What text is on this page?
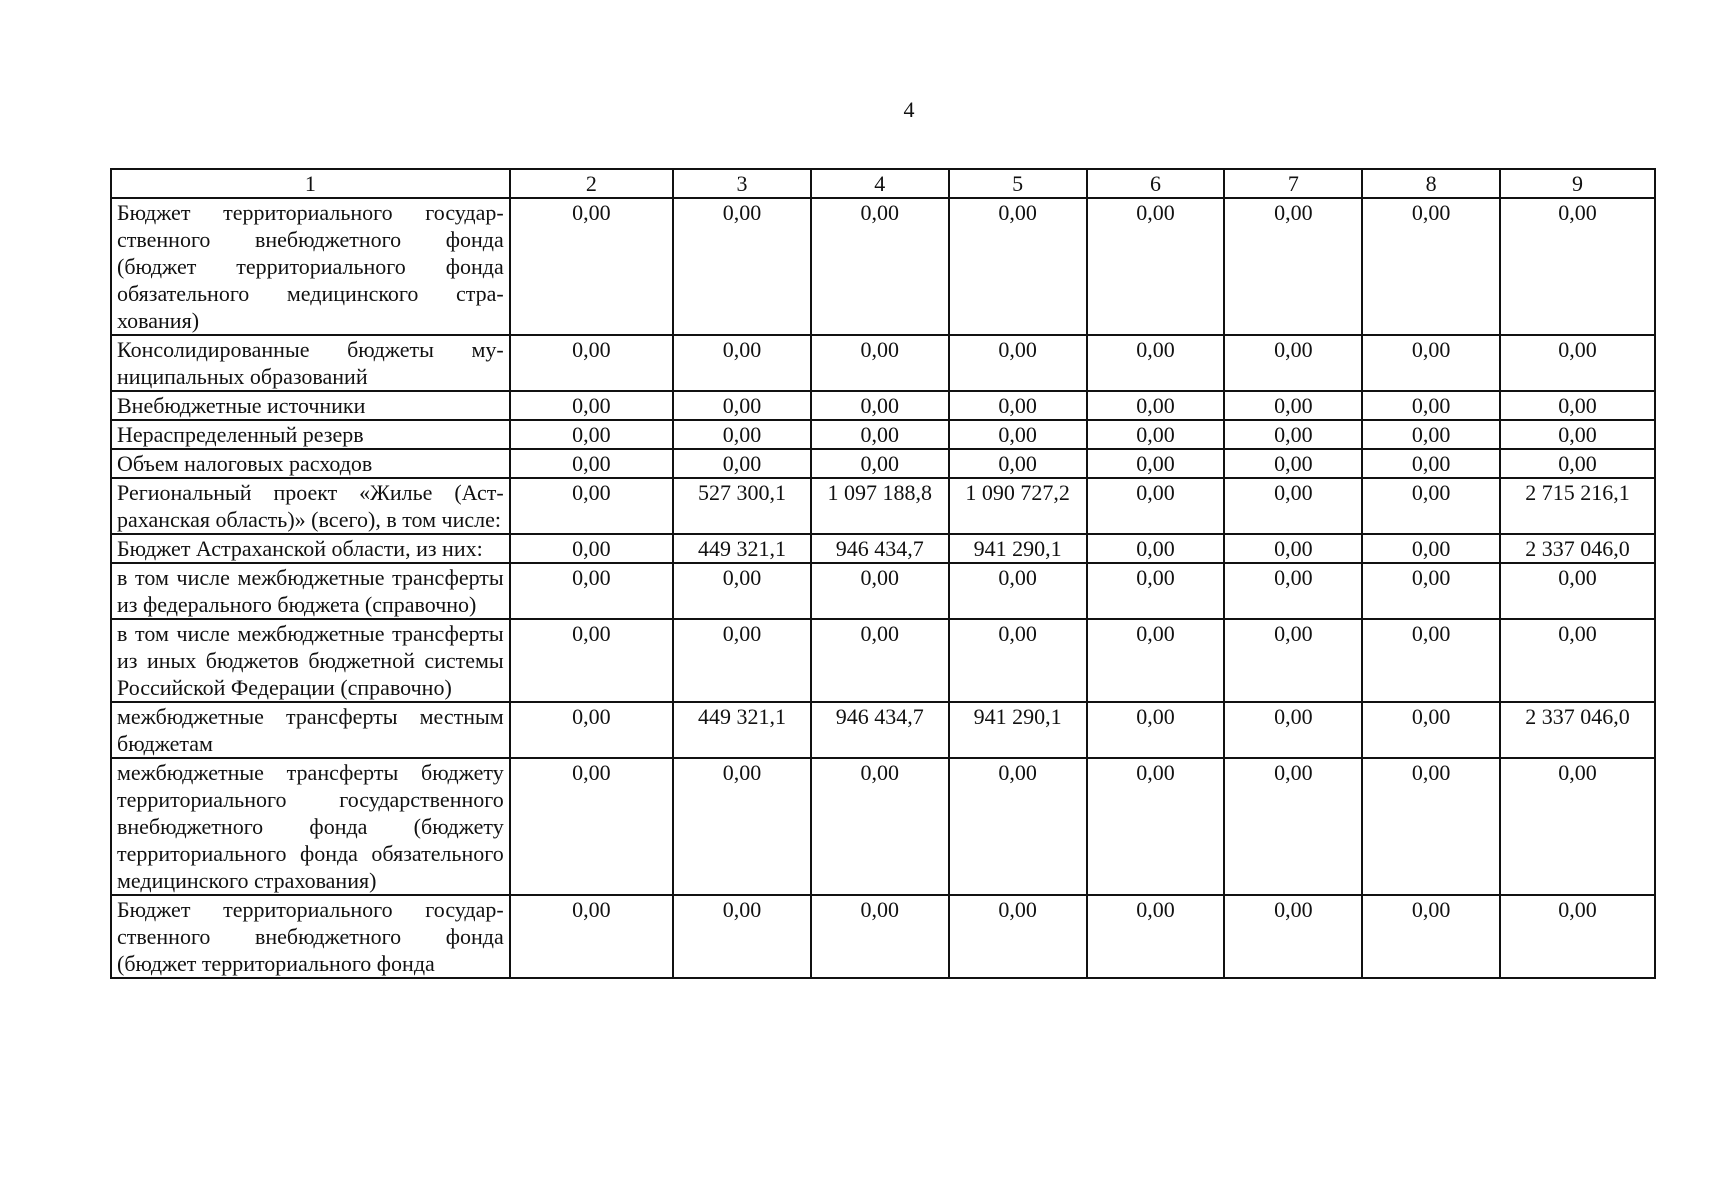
4
1	2	3	4	5	6	7	8	9
Бюджет территориального государственного внебюджетного фонда (бюджет территориального фонда обязательного медицинского страхования)	0,00	0,00	0,00	0,00	0,00	0,00	0,00	0,00
Консолидированные бюджеты муниципальных образований	0,00	0,00	0,00	0,00	0,00	0,00	0,00	0,00
Внебюджетные источники	0,00	0,00	0,00	0,00	0,00	0,00	0,00	0,00
Нераспределенный резерв	0,00	0,00	0,00	0,00	0,00	0,00	0,00	0,00
Объем налоговых расходов	0,00	0,00	0,00	0,00	0,00	0,00	0,00	0,00
Региональный проект «Жилье (Астраханская область)» (всего), в том числе:	0,00	527 300,1	1 097 188,8	1 090 727,2	0,00	0,00	0,00	2 715 216,1
Бюджет Астраханской области, из них:	0,00	449 321,1	946 434,7	941 290,1	0,00	0,00	0,00	2 337 046,0
в том числе межбюджетные трансферты из федерального бюджета (справочно)	0,00	0,00	0,00	0,00	0,00	0,00	0,00	0,00
в том числе межбюджетные трансферты из иных бюджетов бюджетной системы Российской Федерации (справочно)	0,00	0,00	0,00	0,00	0,00	0,00	0,00	0,00
межбюджетные трансферты местным бюджетам	0,00	449 321,1	946 434,7	941 290,1	0,00	0,00	0,00	2 337 046,0
межбюджетные трансферты бюджету территориального государственного внебюджетного фонда (бюджету территориального фонда обязательного медицинского страхования)	0,00	0,00	0,00	0,00	0,00	0,00	0,00	0,00
Бюджет территориального государственного внебюджетного фонда (бюджет территориального фонда	0,00	0,00	0,00	0,00	0,00	0,00	0,00	0,00
